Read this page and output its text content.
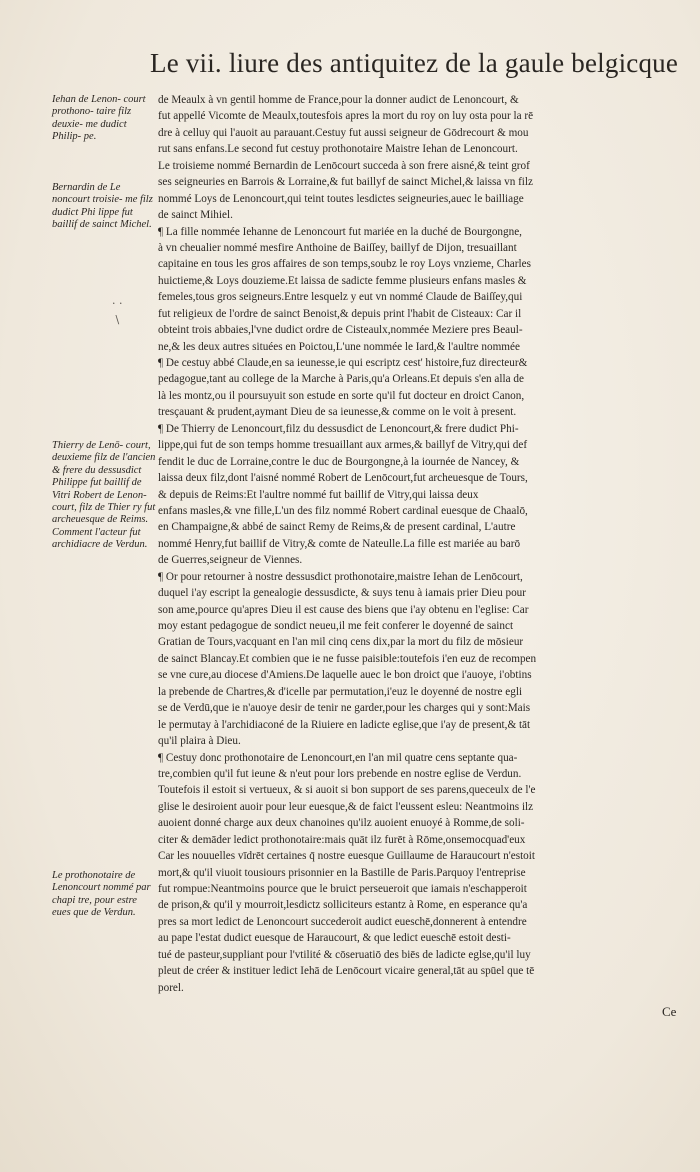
Le vii. liure des antiquitez de la gaule belgicque
Iehan de Lenon- court prothono- taire filz deuxie- me dudict Philip- pe.
Bernardin de Le noncourt troisie- me filz dudict Phi lippe fut baillif de sainct Michel.
Thierry de Lenō- court, deuxieme filz de l'ancien & frere du dessusdict Philippe fut baillif de Vitri Robert de Lenon- court, filz de Thier ry fut archeuesque de Reims. Comment l'acteur fut archidiacre de Verdun.
Le prothonotaire de Lenoncourt nommé par chapi tre, pour estre eues que de Verdun.
· ·
\
de Meaulx à vn gentil homme de France,pour la donner audict de Lenoncourt, &
fut appellé Vicomte de Meaulx,toutesfois apres la mort du roy on luy osta pour la rē
dre à celluy qui l'auoit au parauant.Cestuy fut aussi seigneur de Gōdrecourt & mou
rut sans enfans.Le second fut cestuy prothonotaire Maistre Iehan de Lenoncourt.
Le troisieme nommé Bernardin de Lenōcourt succeda à son frere aisné,& teint grof
ses seigneuries en Barrois & Lorraine,& fut baillyf de sainct Michel,& laissa vn filz
nommé Loys de Lenoncourt,qui teint toutes lesdictes seigneuries,auec le bailliage
de sainct Mihiel.
¶ La fille nommée Iehanne de Lenoncourt fut mariée en la duché de Bourgongne,
à vn cheualier nommé mesfire Anthoine de Baiſſey, baillyf de Dijon, tresuaillant
capitaine en tous les gros affaires de son temps,soubz le roy Loys vnzieme, Charles
huictieme,& Loys douzieme.Et laissa de sadicte femme plusieurs enfans masles &
femeles,tous gros seigneurs.Entre lesquelz y eut vn nommé Claude de Baiſſey,qui
fut religieux de l'ordre de sainct Benoist,& depuis print l'habit de Cisteaux: Car il
obteint trois abbaies,l'vne dudict ordre de Cisteaulx,nommée Meziere pres Beaul-
ne,& les deux autres situées en Poictou,L'une nommée le Iard,& l'aultre nommée
¶ De cestuy abbé Claude,en sa ieunesse,ie qui escriptz cest' histoire,fuz directeur&
pedagogue,tant au college de la Marche à Paris,qu'a Orleans.Et depuis s'en alla de
là les montz,ou il poursuyuit son estude en sorte qu'il fut docteur en droict Canon,
tresçauant & prudent,aymant Dieu de sa ieunesse,& comme on le voit à present.
¶ De Thierry de Lenoncourt,filz du dessusdict de Lenoncourt,& frere dudict Phi-
lippe,qui fut de son temps homme tresuaillant aux armes,& baillyf de Vitry,qui def
fendit le duc de Lorraine,contre le duc de Bourgongne,à la iournée de Nancey, &
laissa deux filz,dont l'aisné nommé Robert de Lenōcourt,fut archeuesque de Tours,
& depuis de Reims:Et l'aultre nommé fut baillif de Vitry,qui laissa deux
enfans masles,& vne fille,L'un des filz nommé Robert cardinal euesque de Chaalō,
en Champaigne,& abbé de sainct Remy de Reims,& de present cardinal, L'autre
nommé Henry,fut baillif de Vitry,& comte de Nateulle.La fille est mariée au barō
de Guerres,seigneur de Viennes.
¶ Or pour retourner à nostre dessusdict prothonotaire,maistre Iehan de Lenōcourt,
duquel i'ay escript la genealogie dessusdicte, & suys tenu à iamais prier Dieu pour
son ame,pource qu'apres Dieu il est cause des biens que i'ay obtenu en l'eglise: Car
moy estant pedagogue de sondict neueu,il me feit conferer le doyenné de sainct
Gratian de Tours,vacquant en l'an mil cinq cens dix,par la mort du filz de mōsieur
de sainct Blancay.Et combien que ie ne fusse paisible:toutefois i'en euz de recompen
se vne cure,au diocese d'Amiens.De laquelle auec le bon droict que i'auoye, i'obtins
la prebende de Chartres,& d'icelle par permutation,i'euz le doyenné de nostre egli
se de Verdū,que ie n'auoye desir de tenir ne garder,pour les charges qui y sont:Mais
le permutay à l'archidiaconé de la Riuiere en ladicte eglise,que i'ay de present,& tāt
qu'il plaira à Dieu.
¶ Cestuy donc prothonotaire de Lenoncourt,en l'an mil quatre cens septante qua-
tre,combien qu'il fut ieune & n'eut pour lors prebende en nostre eglise de Verdun.
Toutefois il estoit si vertueux, & si auoit si bon support de ses parens,queceulx de l'e
glise le desiroient auoir pour leur euesque,& de faict l'eussent esleu: Neantmoins ilz
auoient donné charge aux deux chanoines qu'ilz auoient enuoyé à Romme,de soli-
citer & demāder ledict prothonotaire:mais quāt ilz furēt à Rōme,onsemocquad'eux
Car les nouuelles vīdrēt certaines q̄ nostre euesque Guillaume de Haraucourt n'estoit
mort,& qu'il viuoit tousiours prisonnier en la Bastille de Paris.Parquoy l'entreprise
fut rompue:Neantmoins pource que le bruict perseueroit que iamais n'eschapperoit
de prison,& qu'il y mourroit,lesdictz solliciteurs estantz à Rome, en esperance qu'a
pres sa mort ledict de Lenoncourt succederoit audict eueschē,donnerent à entendre
au pape l'estat dudict euesque de Haraucourt, & que ledict eueschē estoit desti-
tué de pasteur,suppliant pour l'vtilité & cōseruatiō des biēs de ladicte eglse,qu'il luy
pleut de créer & instituer ledict Iehā de Lenōcourt vicaire general,tāt au spūel que tē
porel.
Ce
